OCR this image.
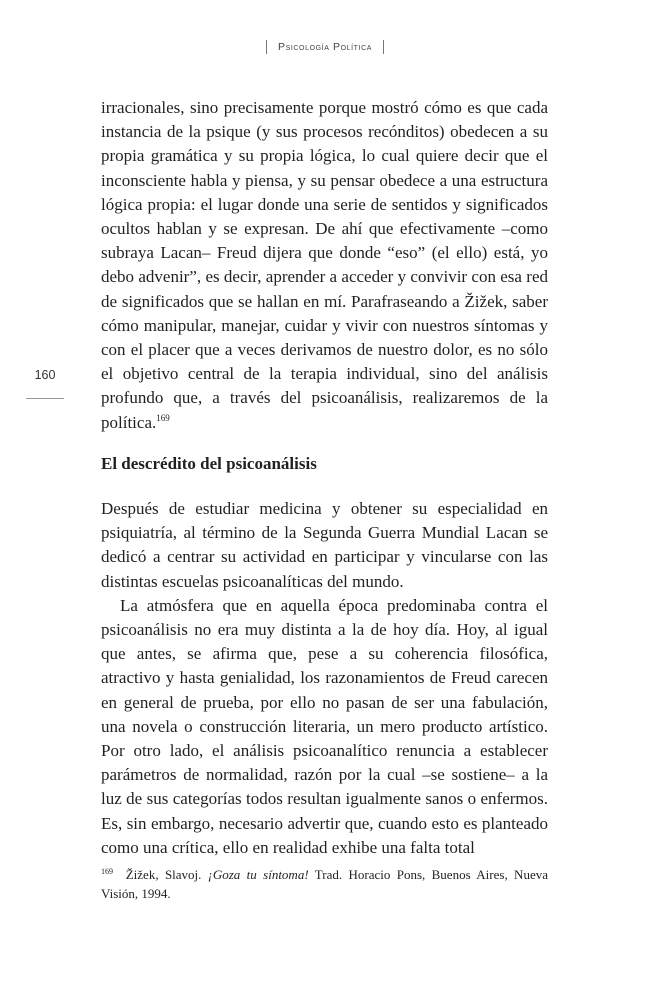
Psicología Política
160

irracionales, sino precisamente porque mostró cómo es que cada instancia de la psique (y sus procesos recónditos) obedecen a su propia gramática y su propia lógica, lo cual quiere decir que el inconsciente habla y piensa, y su pensar obedece a una estructura lógica propia: el lugar donde una serie de sentidos y significados ocultos hablan y se expresan. De ahí que efectivamente –como subraya Lacan– Freud dijera que donde “eso” (el ello) está, yo debo advenir”, es decir, aprender a acceder y convivir con esa red de significados que se hallan en mí. Parafraseando a Žižek, saber cómo manipular, manejar, cuidar y vivir con nuestros síntomas y con el placer que a veces derivamos de nuestro dolor, es no sólo el objetivo central de la terapia individual, sino del análisis profundo que, a través del psicoanálisis, realizaremos de la política.$^{169}$

El descrédito del psicoanálisis

Después de estudiar medicina y obtener su especialidad en psiquiatría, al término de la Segunda Guerra Mundial Lacan se dedicó a centrar su actividad en participar y vincularse con las distintas escuelas psicoanalíticas del mundo.

La atmósfera que en aquella época predominaba contra el psicoanálisis no era muy distinta a la de hoy día. Hoy, al igual que antes, se afirma que, pese a su coherencia filosófica, atractivo y hasta genialidad, los razonamientos de Freud carecen en general de prueba, por ello no pasan de ser una fabulación, una novela o construcción literaria, un mero producto artístico. Por otro lado, el análisis psicoanalítico renuncia a establecer parámetros de normalidad, razón por la cual –se sostiene– a la luz de sus categorías todos resultan igualmente sanos o enfermos. Es, sin embargo, necesario advertir que, cuando esto es planteado como una crítica, ello en realidad exhibe una falta total

$^{169}$ Žižek, Slavoj. ¡Goza tu síntoma! Trad. Horacio Pons, Buenos Aires, Nueva Visión, 1994.
